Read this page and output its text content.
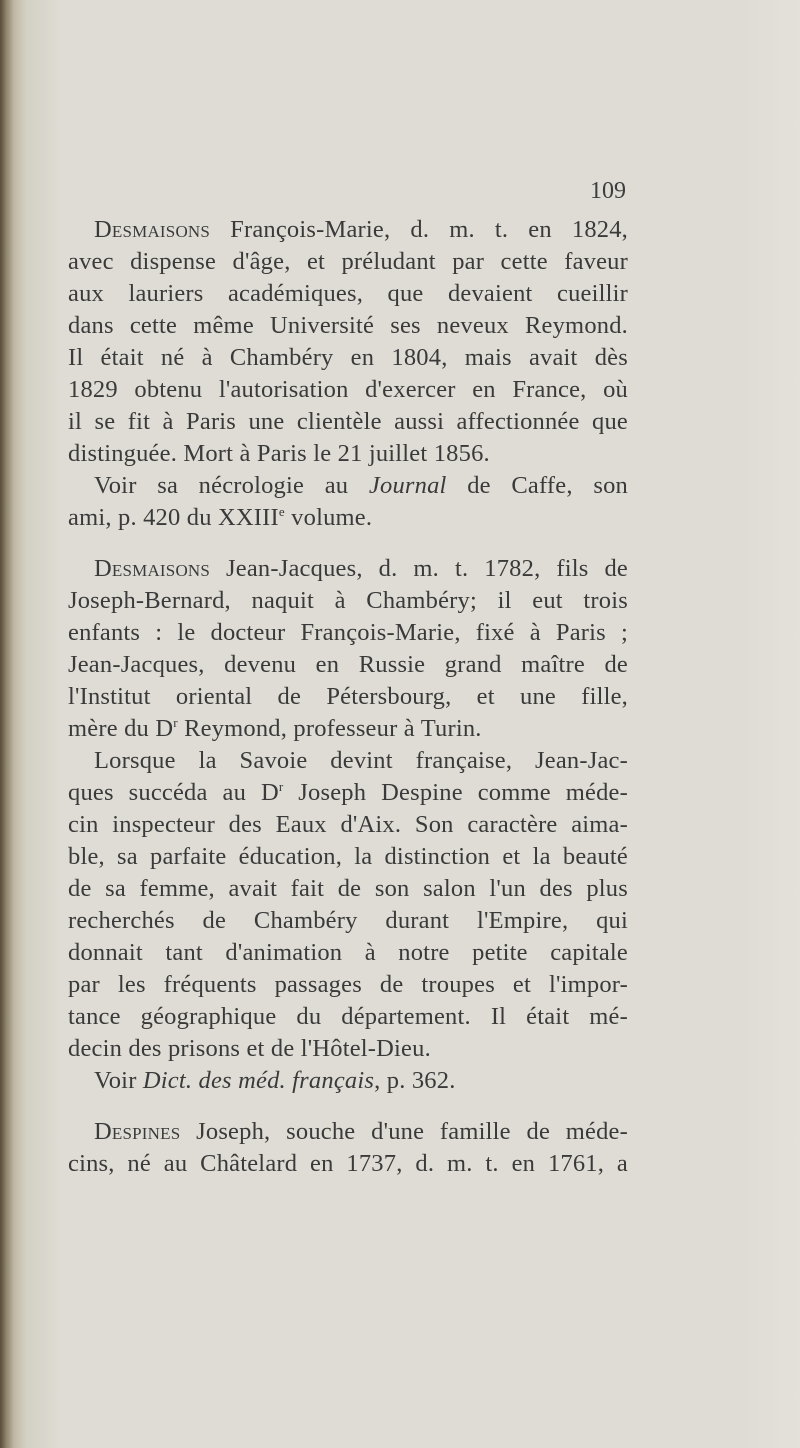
109
Desmaisons François-Marie, d. m. t. en 1824,
avec dispense d'âge, et préludant par cette faveur
aux lauriers académiques, que devaient cueillir
dans cette même Université ses neveux Reymond.
Il était né à Chambéry en 1804, mais avait dès
1829 obtenu l'autorisation d'exercer en France, où
il se fit à Paris une clientèle aussi affectionnée que
distinguée. Mort à Paris le 21 juillet 1856.
Voir sa nécrologie au Journal de Caffe, son
ami, p. 420 du XXIIIe volume.
Desmaisons Jean-Jacques, d. m. t. 1782, fils de
Joseph-Bernard, naquit à Chambéry; il eut trois
enfants : le docteur François-Marie, fixé à Paris ;
Jean-Jacques, devenu en Russie grand maître de
l'Institut oriental de Pétersbourg, et une fille,
mère du $D^r$ Reymond, professeur à Turin.
Lorsque la Savoie devint française, Jean-Jac-
ques succéda au $D^r$ Joseph Despine comme méde-
cin inspecteur des Eaux d'Aix. Son caractère aima-
ble, sa parfaite éducation, la distinction et la beauté
de sa femme, avait fait de son salon l'un des plus
recherchés de Chambéry durant l'Empire, qui
donnait tant d'animation à notre petite capitale
par les fréquents passages de troupes et l'impor-
tance géographique du département. Il était mé-
decin des prisons et de l'Hôtel-Dieu.
Voir Dict. des méd. français, p. 362.
Despines Joseph, souche d'une famille de méde-
cins, né au Châtelard en 1737, d. m. t. en 1761, a
